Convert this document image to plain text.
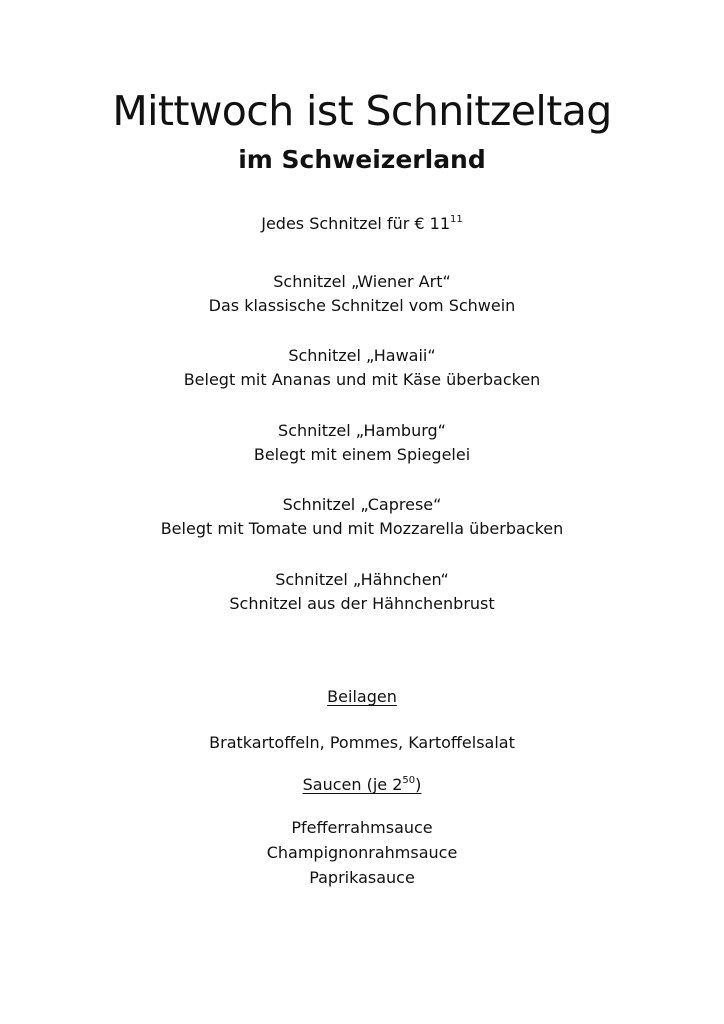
Mittwoch ist Schnitzeltag
im Schweizerland
Jedes Schnitzel für € $11^{11}$
Schnitzel „Wiener Art“
Das klassische Schnitzel vom Schwein
Schnitzel „Hawaii“
Belegt mit Ananas und mit Käse überbacken
Schnitzel „Hamburg“
Belegt mit einem Spiegelei
Schnitzel „Caprese“
Belegt mit Tomate und mit Mozzarella überbacken
Schnitzel „Hähnchen“
Schnitzel aus der Hähnchenbrust
Beilagen
Bratkartoffeln, Pommes, Kartoffelsalat
Saucen (je $2^{50}$)
Pfefferrahmsauce
Champignonrahmsauce
Paprikasauce
